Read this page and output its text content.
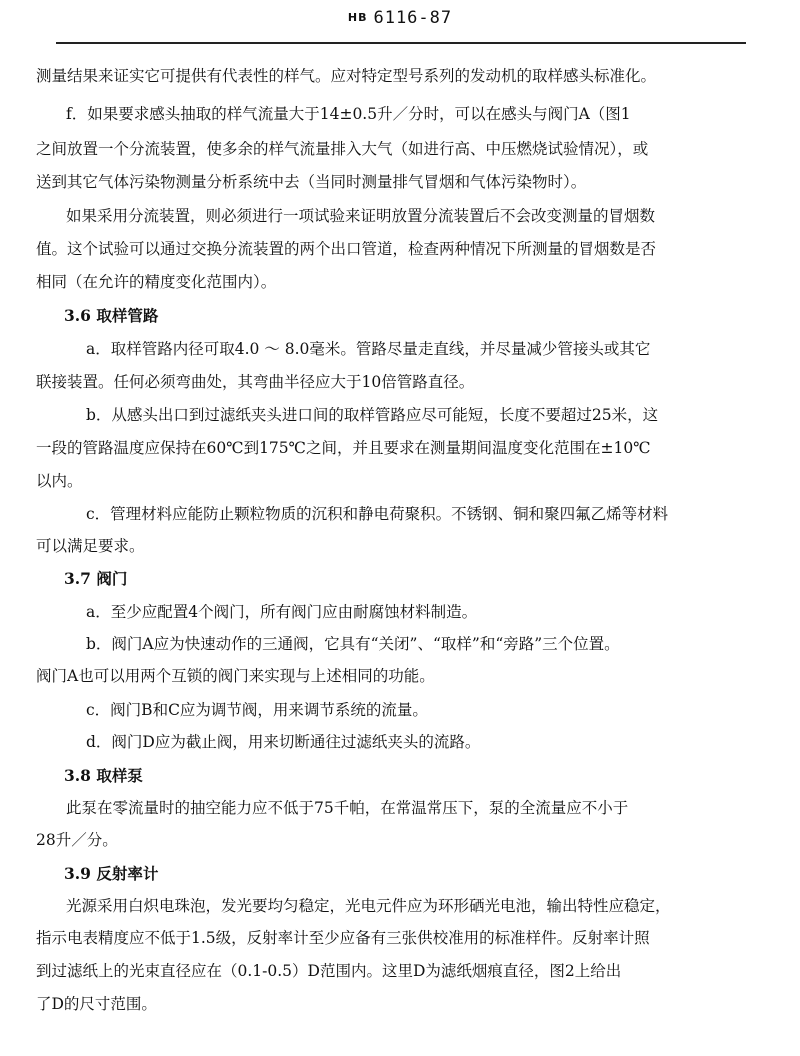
HB 6116-87
测量结果来证实它可提供有代表性的样气。应对特定型号系列的发动机的取样感头标准化。
f．如果要求感头抽取的样气流量大于14±0.5升／分时，可以在感头与阀门A（图1
之间放置一个分流装置，使多余的样气流量排入大气（如进行高、中压燃烧试验情况），或
送到其它气体污染物测量分析系统中去（当同时测量排气冒烟和气体污染物时）。
如果采用分流装置，则必须进行一项试验来证明放置分流装置后不会改变测量的冒烟数
值。这个试验可以通过交换分流装置的两个出口管道，检查两种情况下所测量的冒烟数是否
相同（在允许的精度变化范围内）。
3.6 取样管路
a．取样管路内径可取4.0 ～ 8.0毫米。管路尽量走直线，并尽量减少管接头或其它
联接装置。任何必须弯曲处，其弯曲半径应大于10倍管路直径。
b．从感头出口到过滤纸夹头进口间的取样管路应尽可能短，长度不要超过25米，这
一段的管路温度应保持在60℃到175℃之间，并且要求在测量期间温度变化范围在±10℃
以内。
c．管理材料应能防止颗粒物质的沉积和静电荷聚积。不锈钢、铜和聚四氟乙烯等材料
可以满足要求。
3.7 阀门
a．至少应配置4个阀门，所有阀门应由耐腐蚀材料制造。
b．阀门A应为快速动作的三通阀，它具有“关闭”、“取样”和“旁路”三个位置。
阀门A也可以用两个互锁的阀门来实现与上述相同的功能。
c．阀门B和C应为调节阀，用来调节系统的流量。
d．阀门D应为截止阀，用来切断通往过滤纸夹头的流路。
3.8 取样泵
此泵在零流量时的抽空能力应不低于75千帕，在常温常压下，泵的全流量应不小于
28升／分。
3.9 反射率计
光源采用白炽电珠泡，发光要均匀稳定，光电元件应为环形硒光电池，输出特性应稳定，
指示电表精度应不低于1.5级，反射率计至少应备有三张供校准用的标准样件。反射率计照
到过滤纸上的光束直径应在（0.1-0.5）D范围内。这里D为滤纸烟痕直径，图2上给出
了D的尺寸范围。
